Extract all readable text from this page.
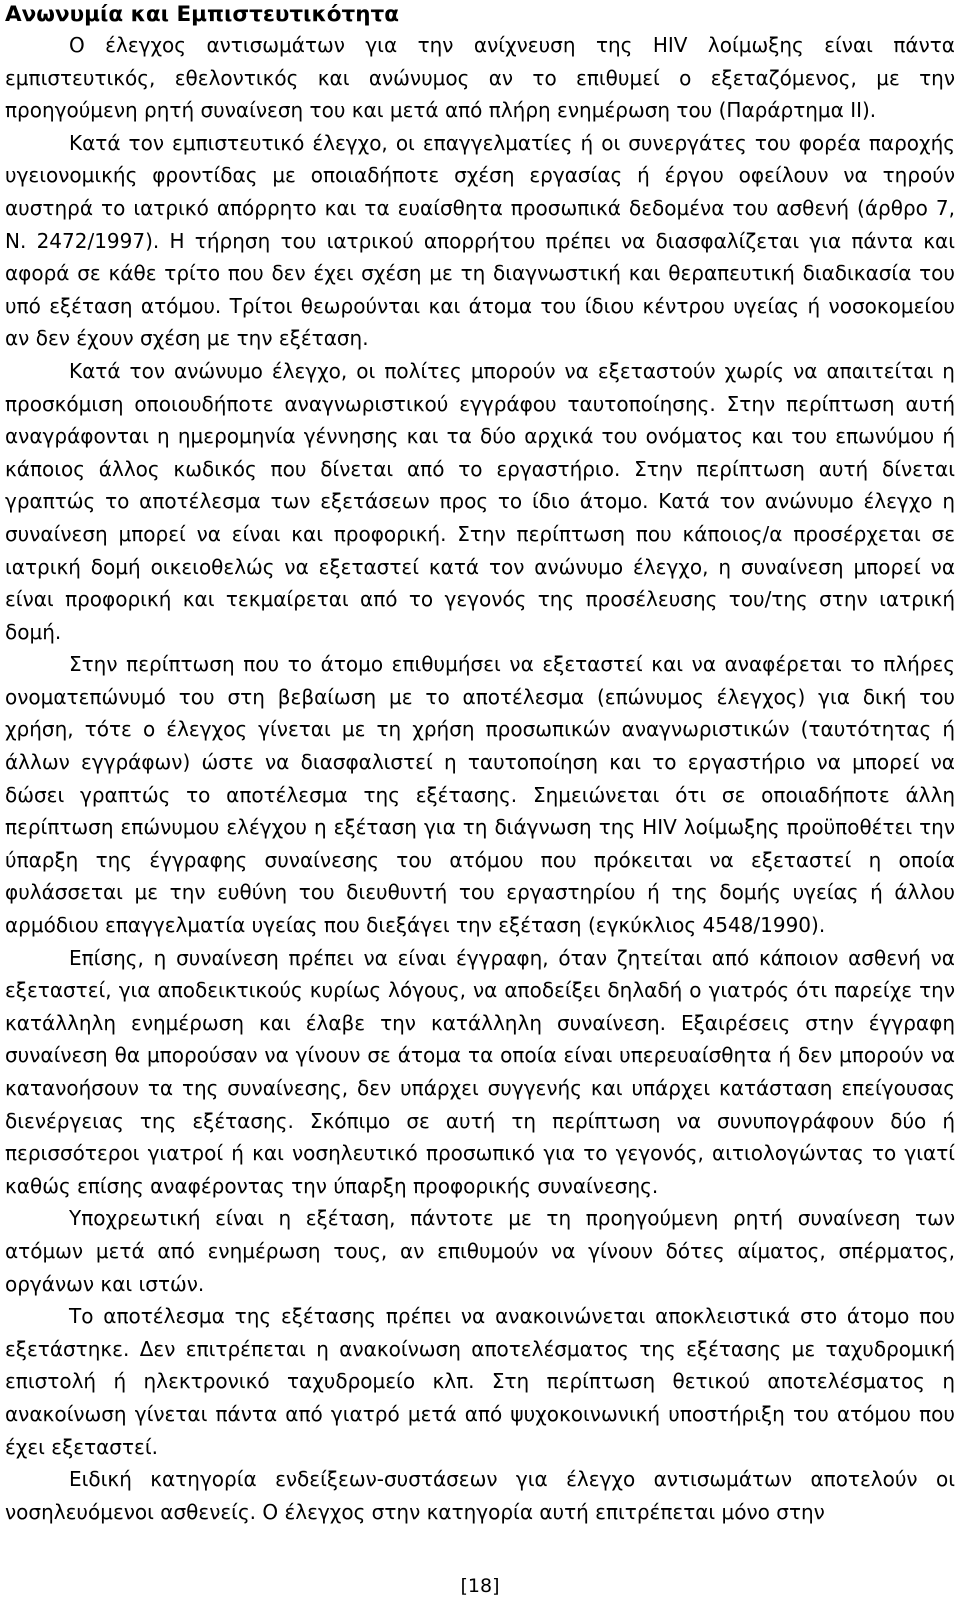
Ανωνυμία και Εμπιστευτικότητα

Ο έλεγχος αντισωμάτων για την ανίχνευση της HIV λοίμωξης είναι πάντα εμπιστευτικός, εθελοντικός και ανώνυμος αν το επιθυμεί ο εξεταζόμενος, με την προηγούμενη ρητή συναίνεση του και μετά από πλήρη ενημέρωση του (Παράρτημα II).

Κατά τον εμπιστευτικό έλεγχο, οι επαγγελματίες ή οι συνεργάτες του φορέα παροχής υγειονομικής φροντίδας με οποιαδήποτε σχέση εργασίας ή έργου οφείλουν να τηρούν αυστηρά το ιατρικό απόρρητο και τα ευαίσθητα προσωπικά δεδομένα του ασθενή (άρθρο 7, Ν. 2472/1997). Η τήρηση του ιατρικού απορρήτου πρέπει να διασφαλίζεται για πάντα και αφορά σε κάθε τρίτο που δεν έχει σχέση με τη διαγνωστική και θεραπευτική διαδικασία του υπό εξέταση ατόμου. Τρίτοι θεωρούνται και άτομα του ίδιου κέντρου υγείας ή νοσοκομείου αν δεν έχουν σχέση με την εξέταση.

Κατά τον ανώνυμο έλεγχο, οι πολίτες μπορούν να εξεταστούν χωρίς να απαιτείται η προσκόμιση οποιουδήποτε αναγνωριστικού εγγράφου ταυτοποίησης. Στην περίπτωση αυτή αναγράφονται η ημερομηνία γέννησης και τα δύο αρχικά του ονόματος και του επωνύμου ή κάποιος άλλος κωδικός που δίνεται από το εργαστήριο. Στην περίπτωση αυτή δίνεται γραπτώς το αποτέλεσμα των εξετάσεων προς το ίδιο άτομο. Κατά τον ανώνυμο έλεγχο η συναίνεση μπορεί να είναι και προφορική. Στην περίπτωση που κάποιος/α προσέρχεται σε ιατρική δομή οικειοθελώς να εξεταστεί κατά τον ανώνυμο έλεγχο, η συναίνεση μπορεί να είναι προφορική και τεκμαίρεται από το γεγονός της προσέλευσης του/της στην ιατρική δομή.

Στην περίπτωση που το άτομο επιθυμήσει να εξεταστεί και να αναφέρεται το πλήρες ονοματεπώνυμό του στη βεβαίωση με το αποτέλεσμα (επώνυμος έλεγχος) για δική του χρήση, τότε ο έλεγχος γίνεται με τη χρήση προσωπικών αναγνωριστικών (ταυτότητας ή άλλων εγγράφων) ώστε να διασφαλιστεί η ταυτοποίηση και το εργαστήριο να μπορεί να δώσει γραπτώς το αποτέλεσμα της εξέτασης. Σημειώνεται ότι σε οποιαδήποτε άλλη περίπτωση επώνυμου ελέγχου η εξέταση για τη διάγνωση της HIV λοίμωξης προϋποθέτει την ύπαρξη της έγγραφης συναίνεσης του ατόμου που πρόκειται να εξεταστεί η οποία φυλάσσεται με την ευθύνη του διευθυντή του εργαστηρίου ή της δομής υγείας ή άλλου αρμόδιου επαγγελματία υγείας που διεξάγει την εξέταση (εγκύκλιος 4548/1990).

Επίσης, η συναίνεση πρέπει να είναι έγγραφη, όταν ζητείται από κάποιον ασθενή να εξεταστεί, για αποδεικτικούς κυρίως λόγους, να αποδείξει δηλαδή ο γιατρός ότι παρείχε την κατάλληλη ενημέρωση και έλαβε την κατάλληλη συναίνεση. Εξαιρέσεις στην έγγραφη συναίνεση θα μπορούσαν να γίνουν σε άτομα τα οποία είναι υπερευαίσθητα ή δεν μπορούν να κατανοήσουν τα της συναίνεσης, δεν υπάρχει συγγενής και υπάρχει κατάσταση επείγουσας διενέργειας της εξέτασης. Σκόπιμο σε αυτή τη περίπτωση να συνυπογράφουν δύο ή περισσότεροι γιατροί ή και νοσηλευτικό προσωπικό για το γεγονός, αιτιολογώντας το γιατί καθώς επίσης αναφέροντας την ύπαρξη προφορικής συναίνεσης.

Υποχρεωτική είναι η εξέταση, πάντοτε με τη προηγούμενη ρητή συναίνεση των ατόμων μετά από ενημέρωση τους, αν επιθυμούν να γίνουν δότες αίματος, σπέρματος, οργάνων και ιστών.

Το αποτέλεσμα της εξέτασης πρέπει να ανακοινώνεται αποκλειστικά στο άτομο που εξετάστηκε. Δεν επιτρέπεται η ανακοίνωση αποτελέσματος της εξέτασης με ταχυδρομική επιστολή ή ηλεκτρονικό ταχυδρομείο κλπ. Στη περίπτωση θετικού αποτελέσματος η ανακοίνωση γίνεται πάντα από γιατρό μετά από ψυχοκοινωνική υποστήριξη του ατόμου που έχει εξεταστεί.

Ειδική κατηγορία ενδείξεων-συστάσεων για έλεγχο αντισωμάτων αποτελούν οι νοσηλευόμενοι ασθενείς. Ο έλεγχος στην κατηγορία αυτή επιτρέπεται μόνο στην

[18]
